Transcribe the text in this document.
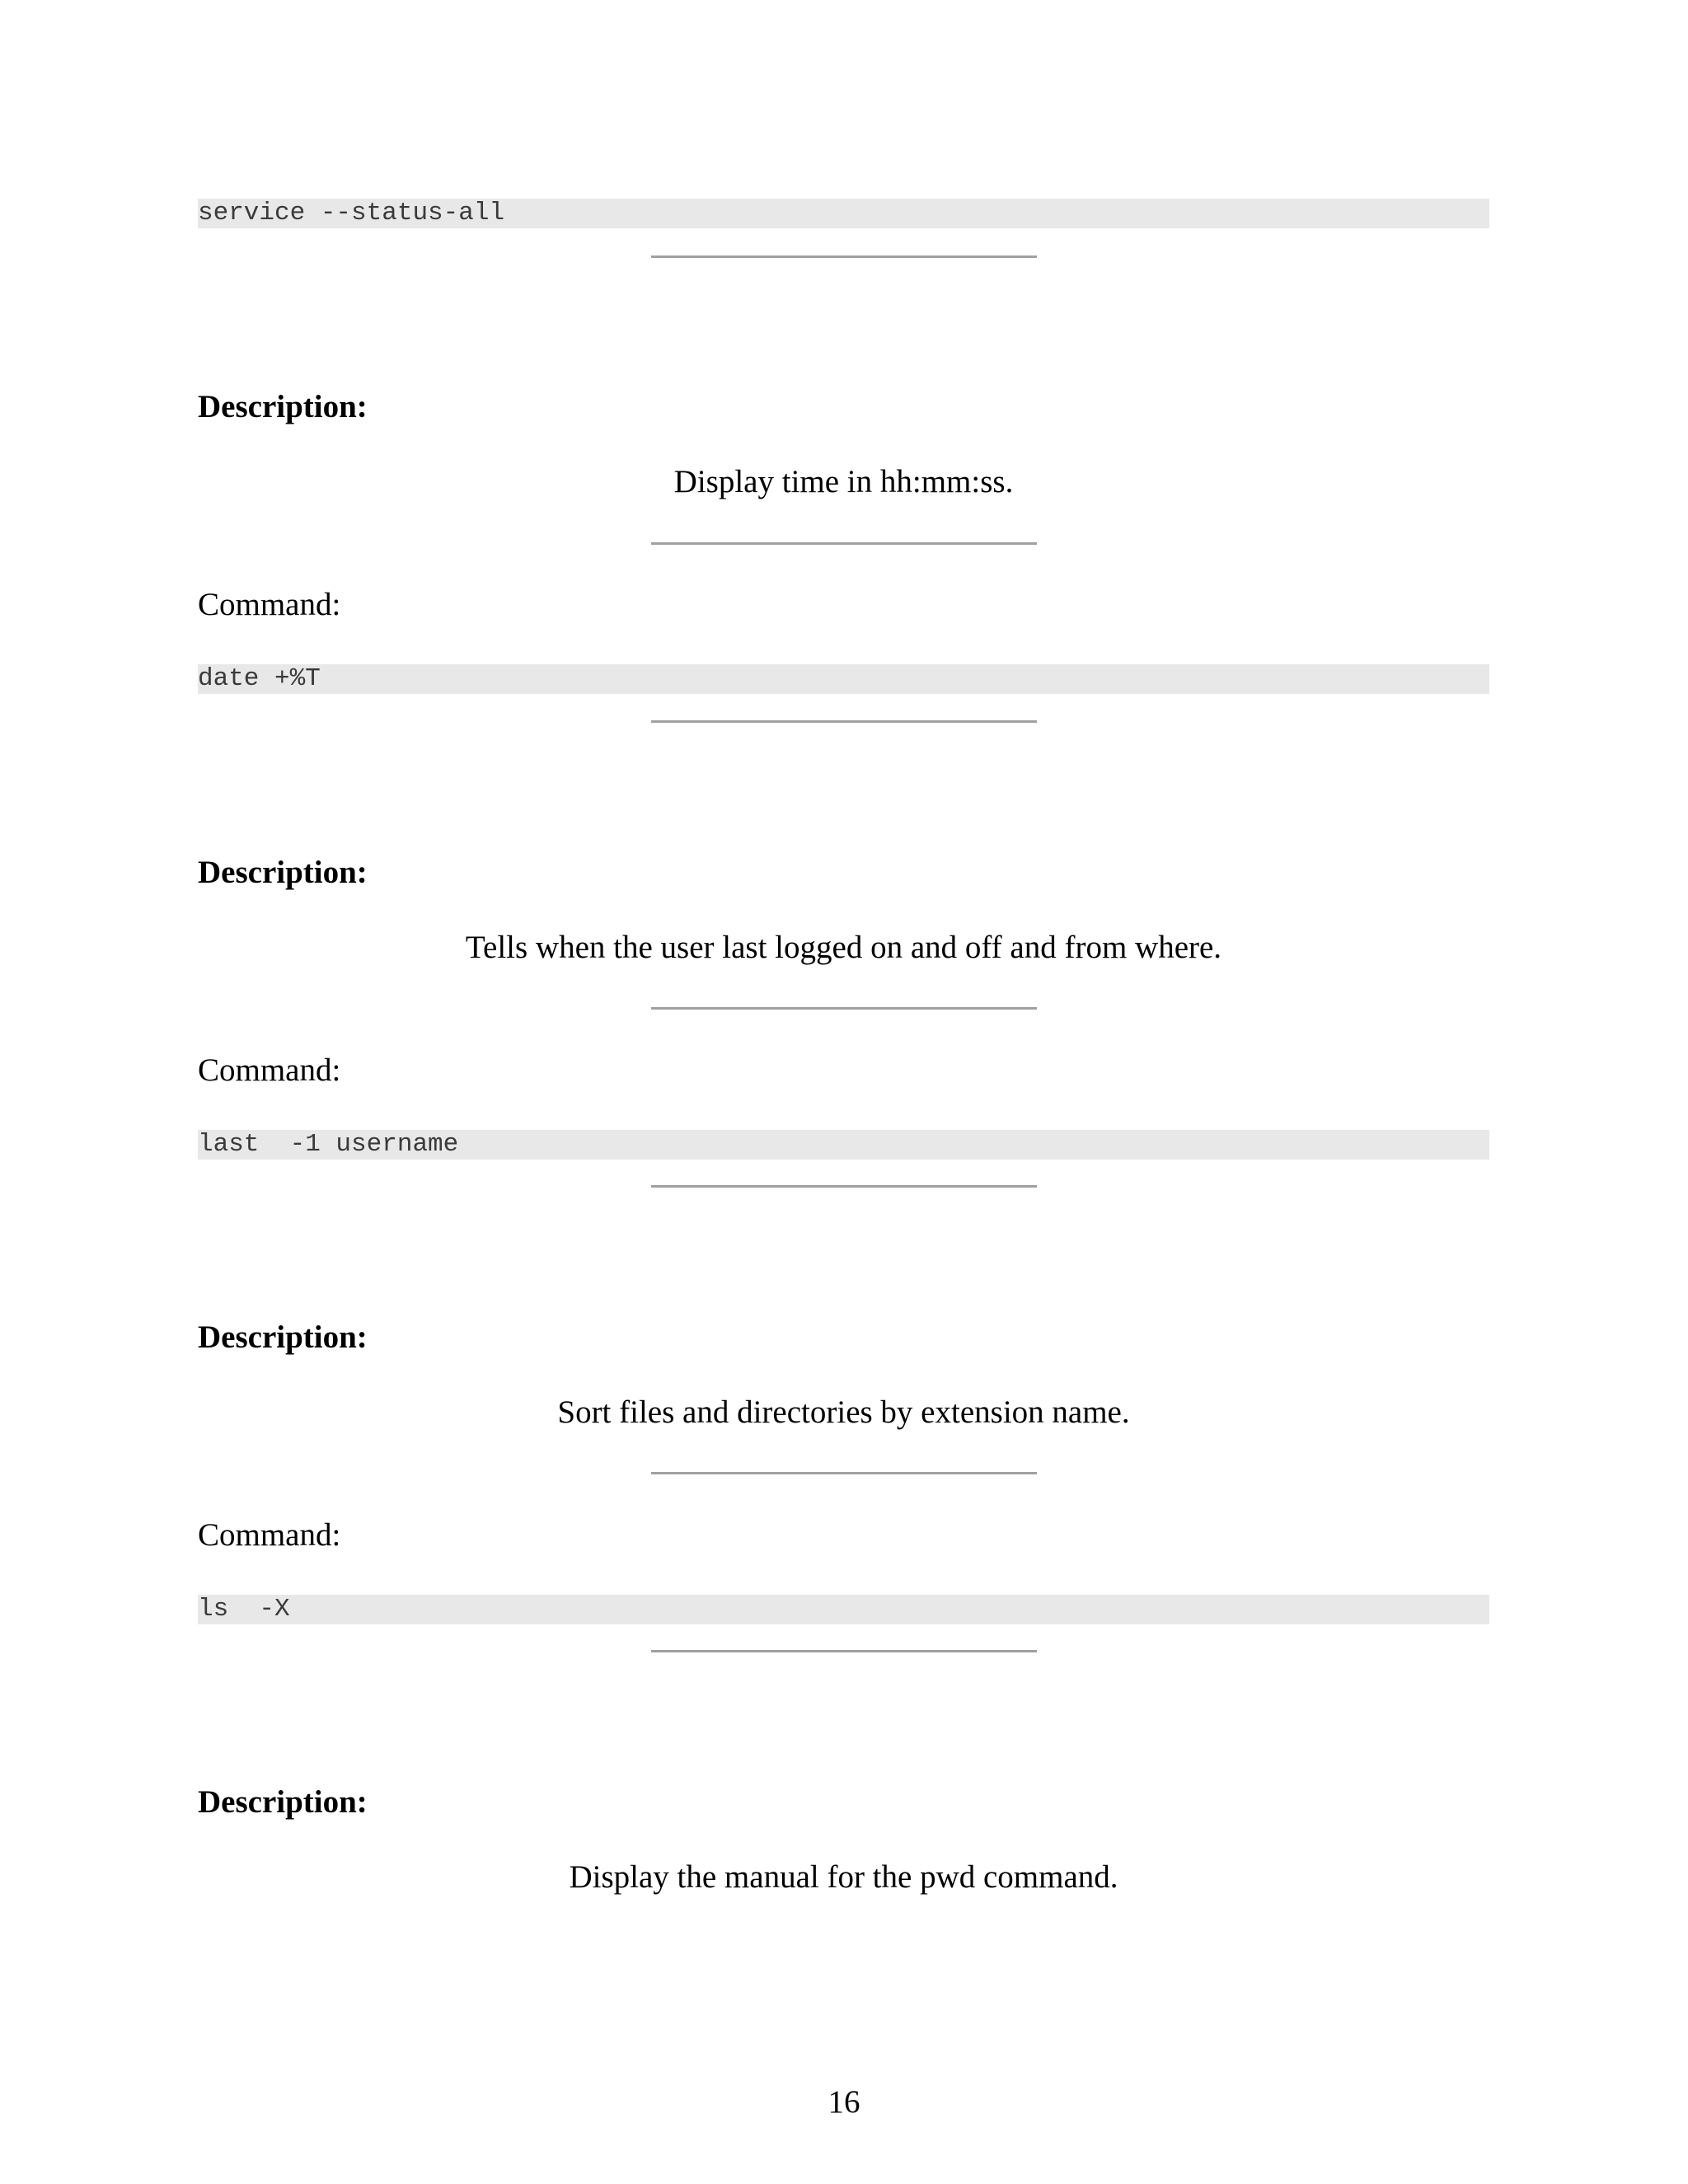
service --status-all
Description:
Display time in hh:mm:ss.
Command:
date +%T
Description:
Tells when the user last logged on and off and from where.
Command:
last  -1 username
Description:
Sort files and directories by extension name.
Command:
ls  -X
Description:
Display the manual for the pwd command.
16
